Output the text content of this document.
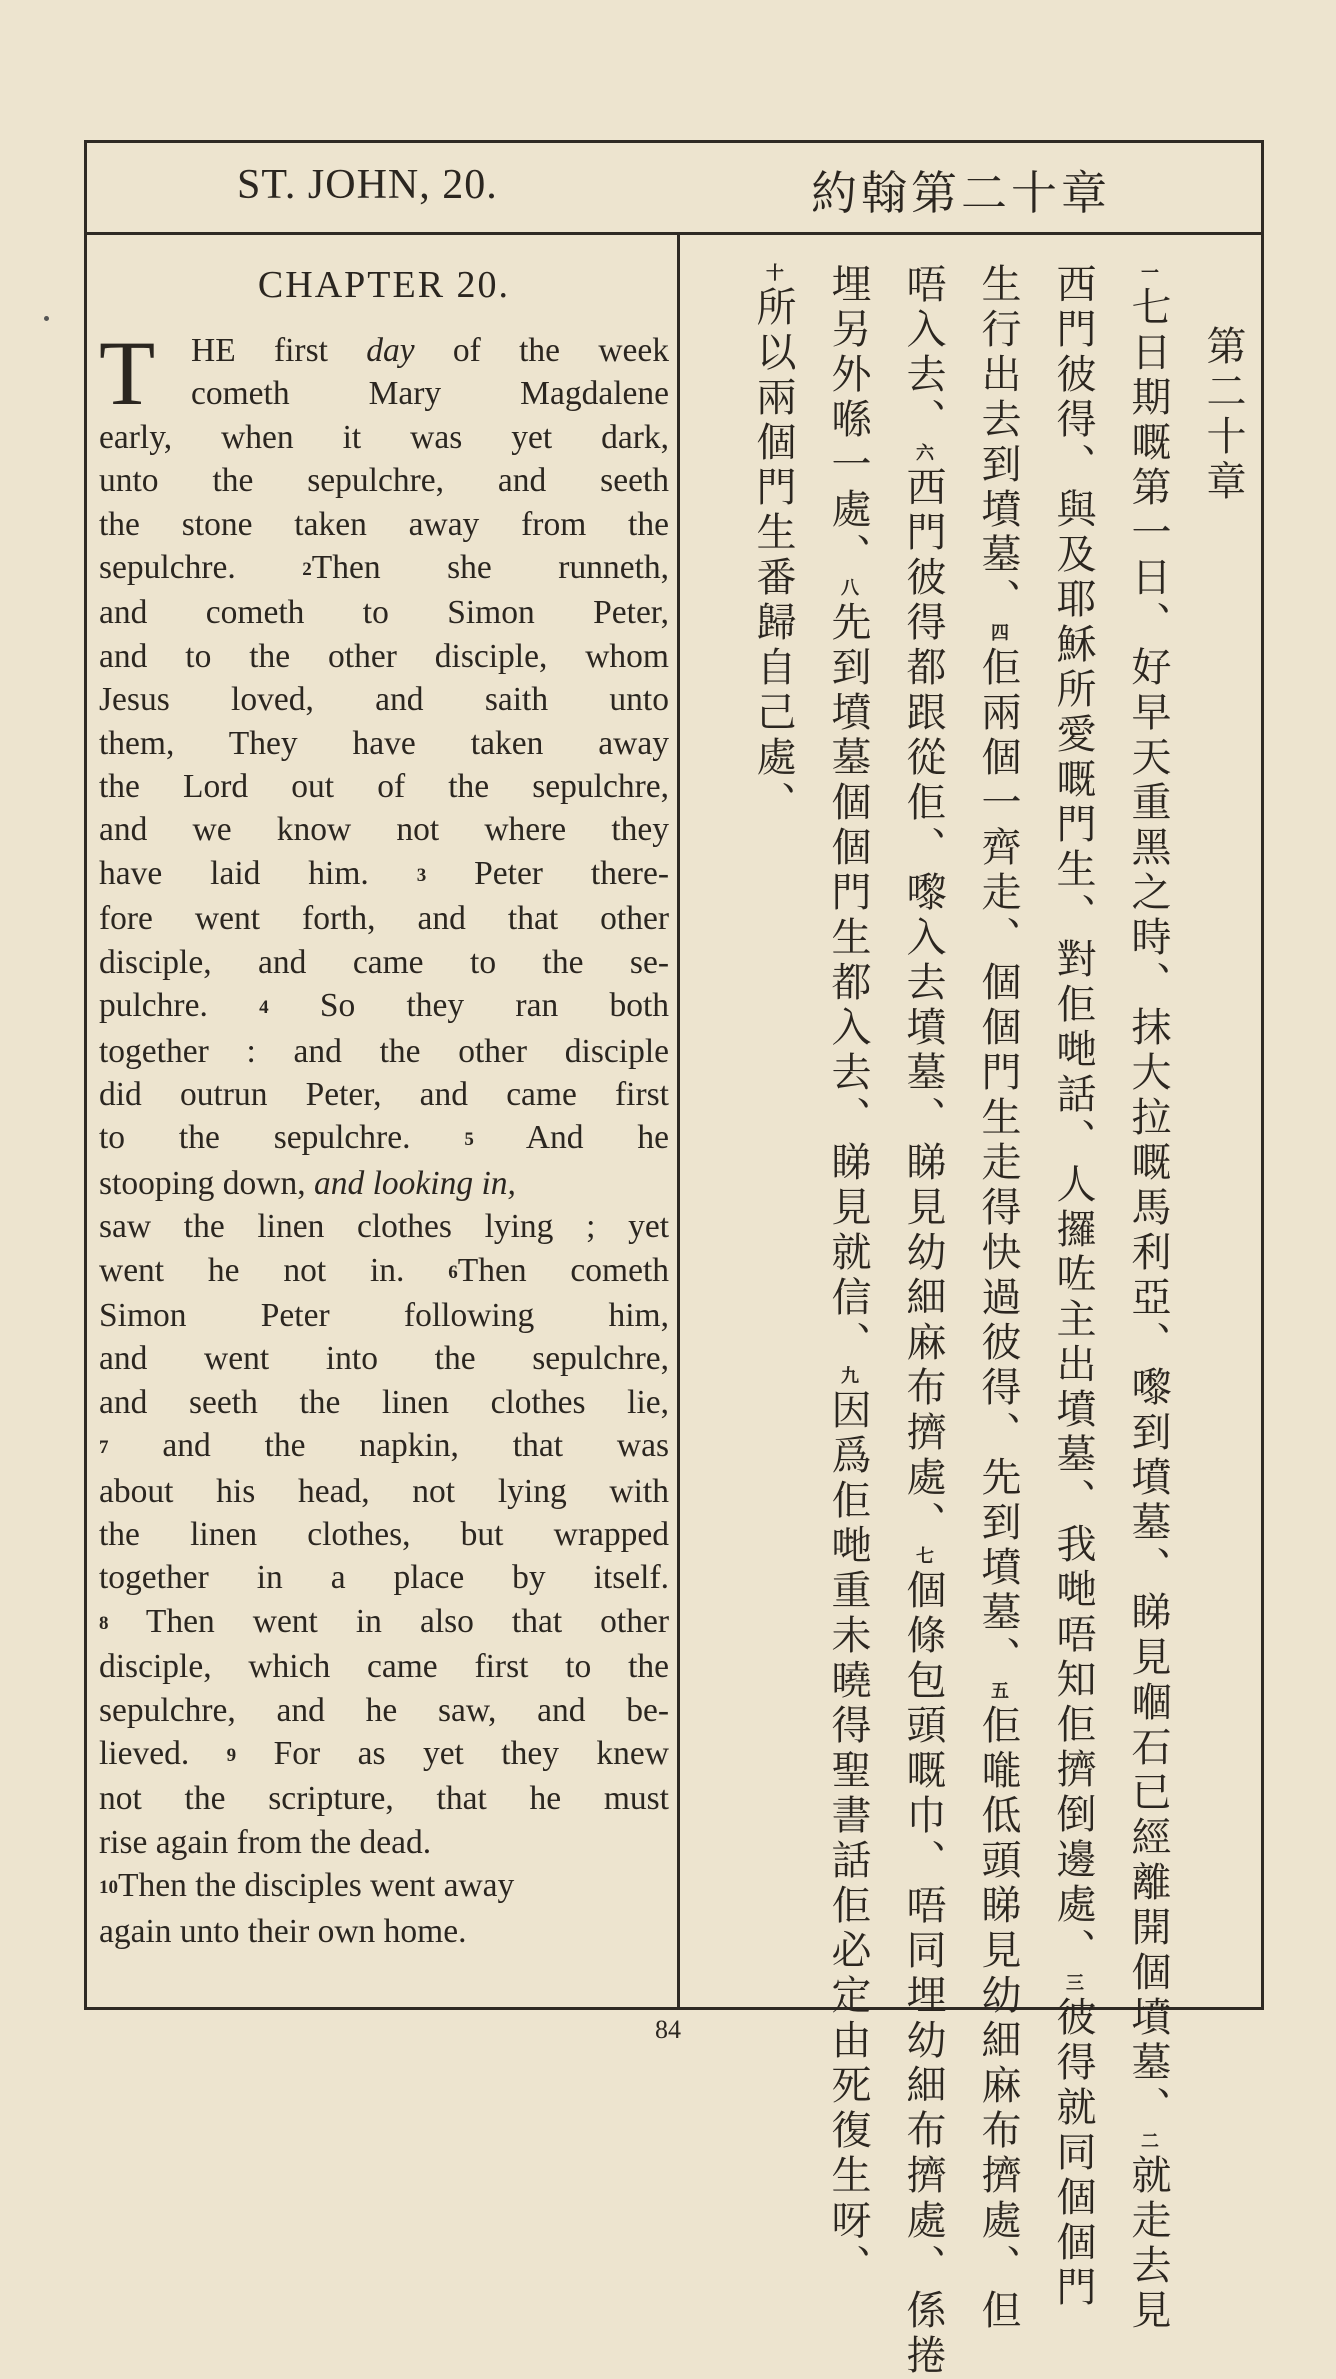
ST. JOHN, 20.	約翰第二十章
CHAPTER 20.
T	HE first day of the week
cometh Mary Magdalene
early, when it was yet dark,
unto the sepulchre, and seeth
the stone taken away from the
sepulchre. 2Then she runneth,
and cometh to Simon Peter,
and to the other disciple, whom
Jesus loved, and saith unto
them, They have taken away
the Lord out of the sepulchre,
and we know not where they
have laid him. 3 Peter there-
fore went forth, and that other
disciple, and came to the se-
pulchre. 4 So they ran both
together : and the other disciple
did outrun Peter, and came first
to the sepulchre. 5 And he
stooping down, and looking in,
saw the linen clothes lying ; yet
went he not in. 6Then cometh
Simon Peter following him,
and went into the sepulchre,
and seeth the linen clothes lie,
7 and the napkin, that was
about his head, not lying with
the linen clothes, but wrapped
together in a place by itself.
8 Then went in also that other
disciple, which came first to the
sepulchre, and he saw, and be-
lieved. 9 For as yet they knew
not the scripture, that he must
rise again from the dead.
10Then the disciples went away
again unto their own home.
第二十章
一七日期嘅第一日、好早天重黑之時、抹大拉嘅馬利亞、嚟到墳墓、睇見嗰石已經離開個墳墓、二就走去見
西門彼得、與及耶穌所愛嘅門生、對佢哋話、人攞咗主出墳墓、我哋唔知佢擠倒邊處、三彼得就同個個門
生行出去到墳墓、四佢兩個一齊走、個個門生走得快過彼得、先到墳墓、五佢𠹌低頭睇見幼細麻布擠處、但
唔入去、六西門彼得都跟從佢、嚟入去墳墓、睇見幼細麻布擠處、七個條包頭嘅巾、唔同埋幼細布擠處、係捲
埋另外喺一處、八先到墳墓個個門生都入去、睇見就信、九因爲佢哋重未曉得聖書話佢必定由死復生呀、
十所以兩個門生番歸自己處、
84
